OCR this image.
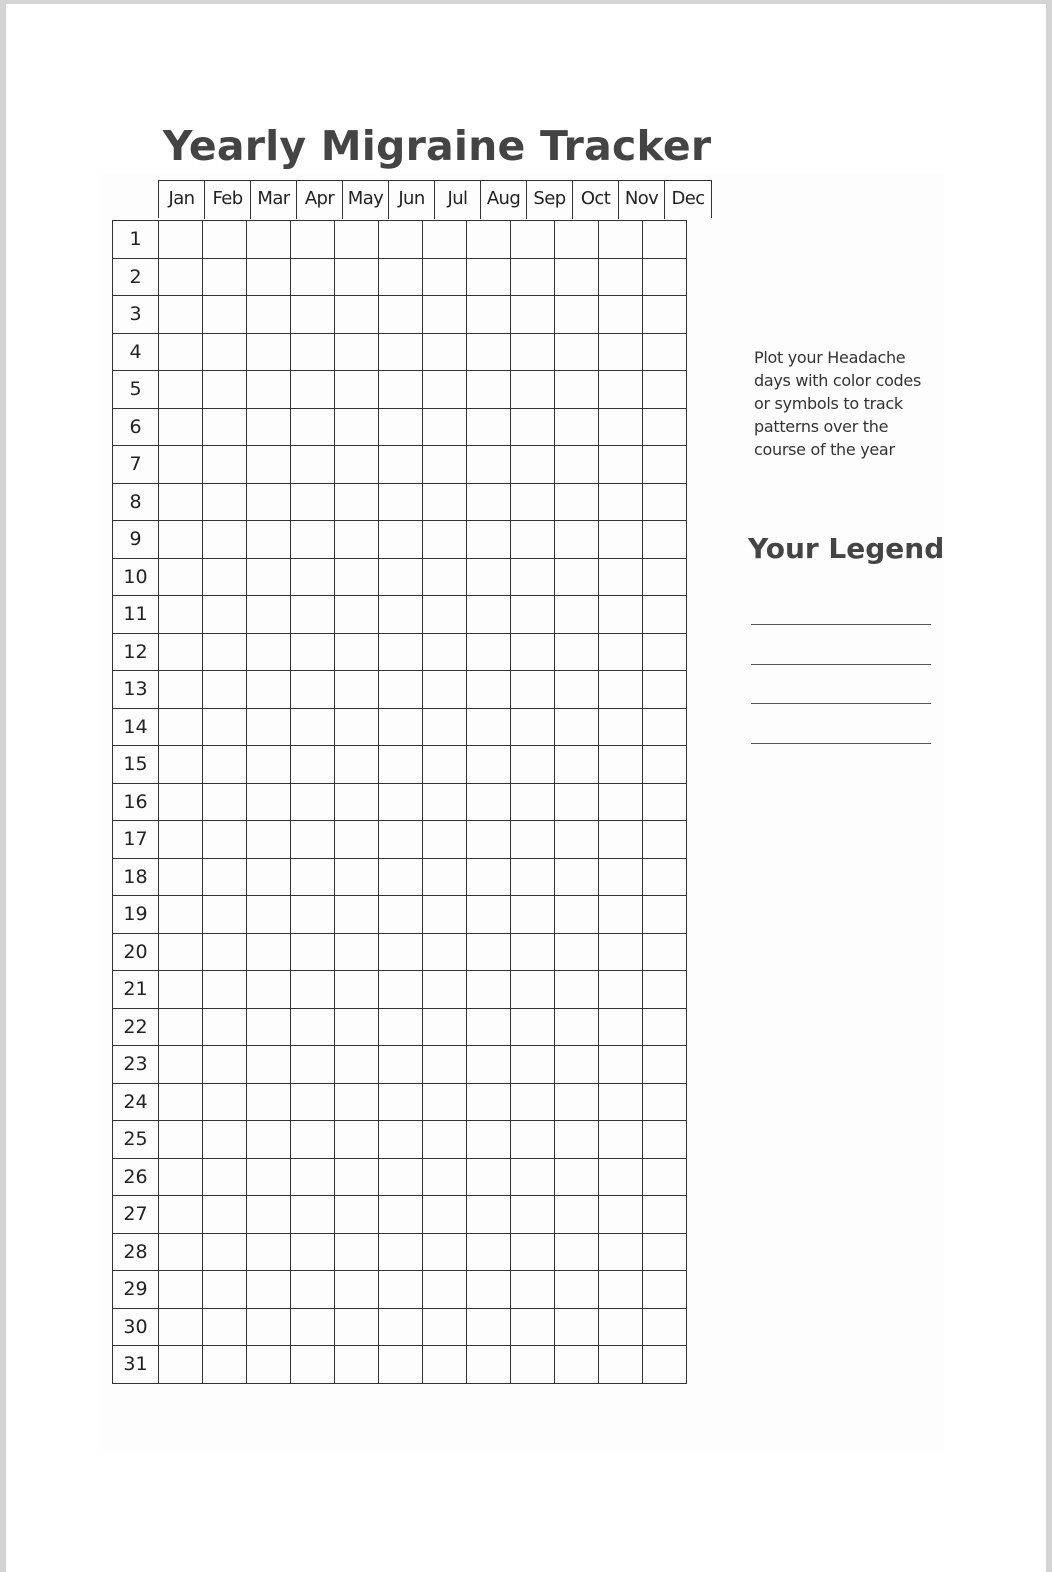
Yearly Migraine Tracker
Jan Feb Mar Apr May Jun	Jul	Aug Sep Oct Nov Dec
1												
2												
3												
4												
5												
6												
7												
8												
9												
10												
11												
12												
13												
14												
15												
16												
17												
18												
19												
20												
21												
22												
23												
24												
25												
26												
27												
28												
29												
30												
31												
Plot your Headache days with color codes or symbols to track patterns over the course of the year
Your Legend
